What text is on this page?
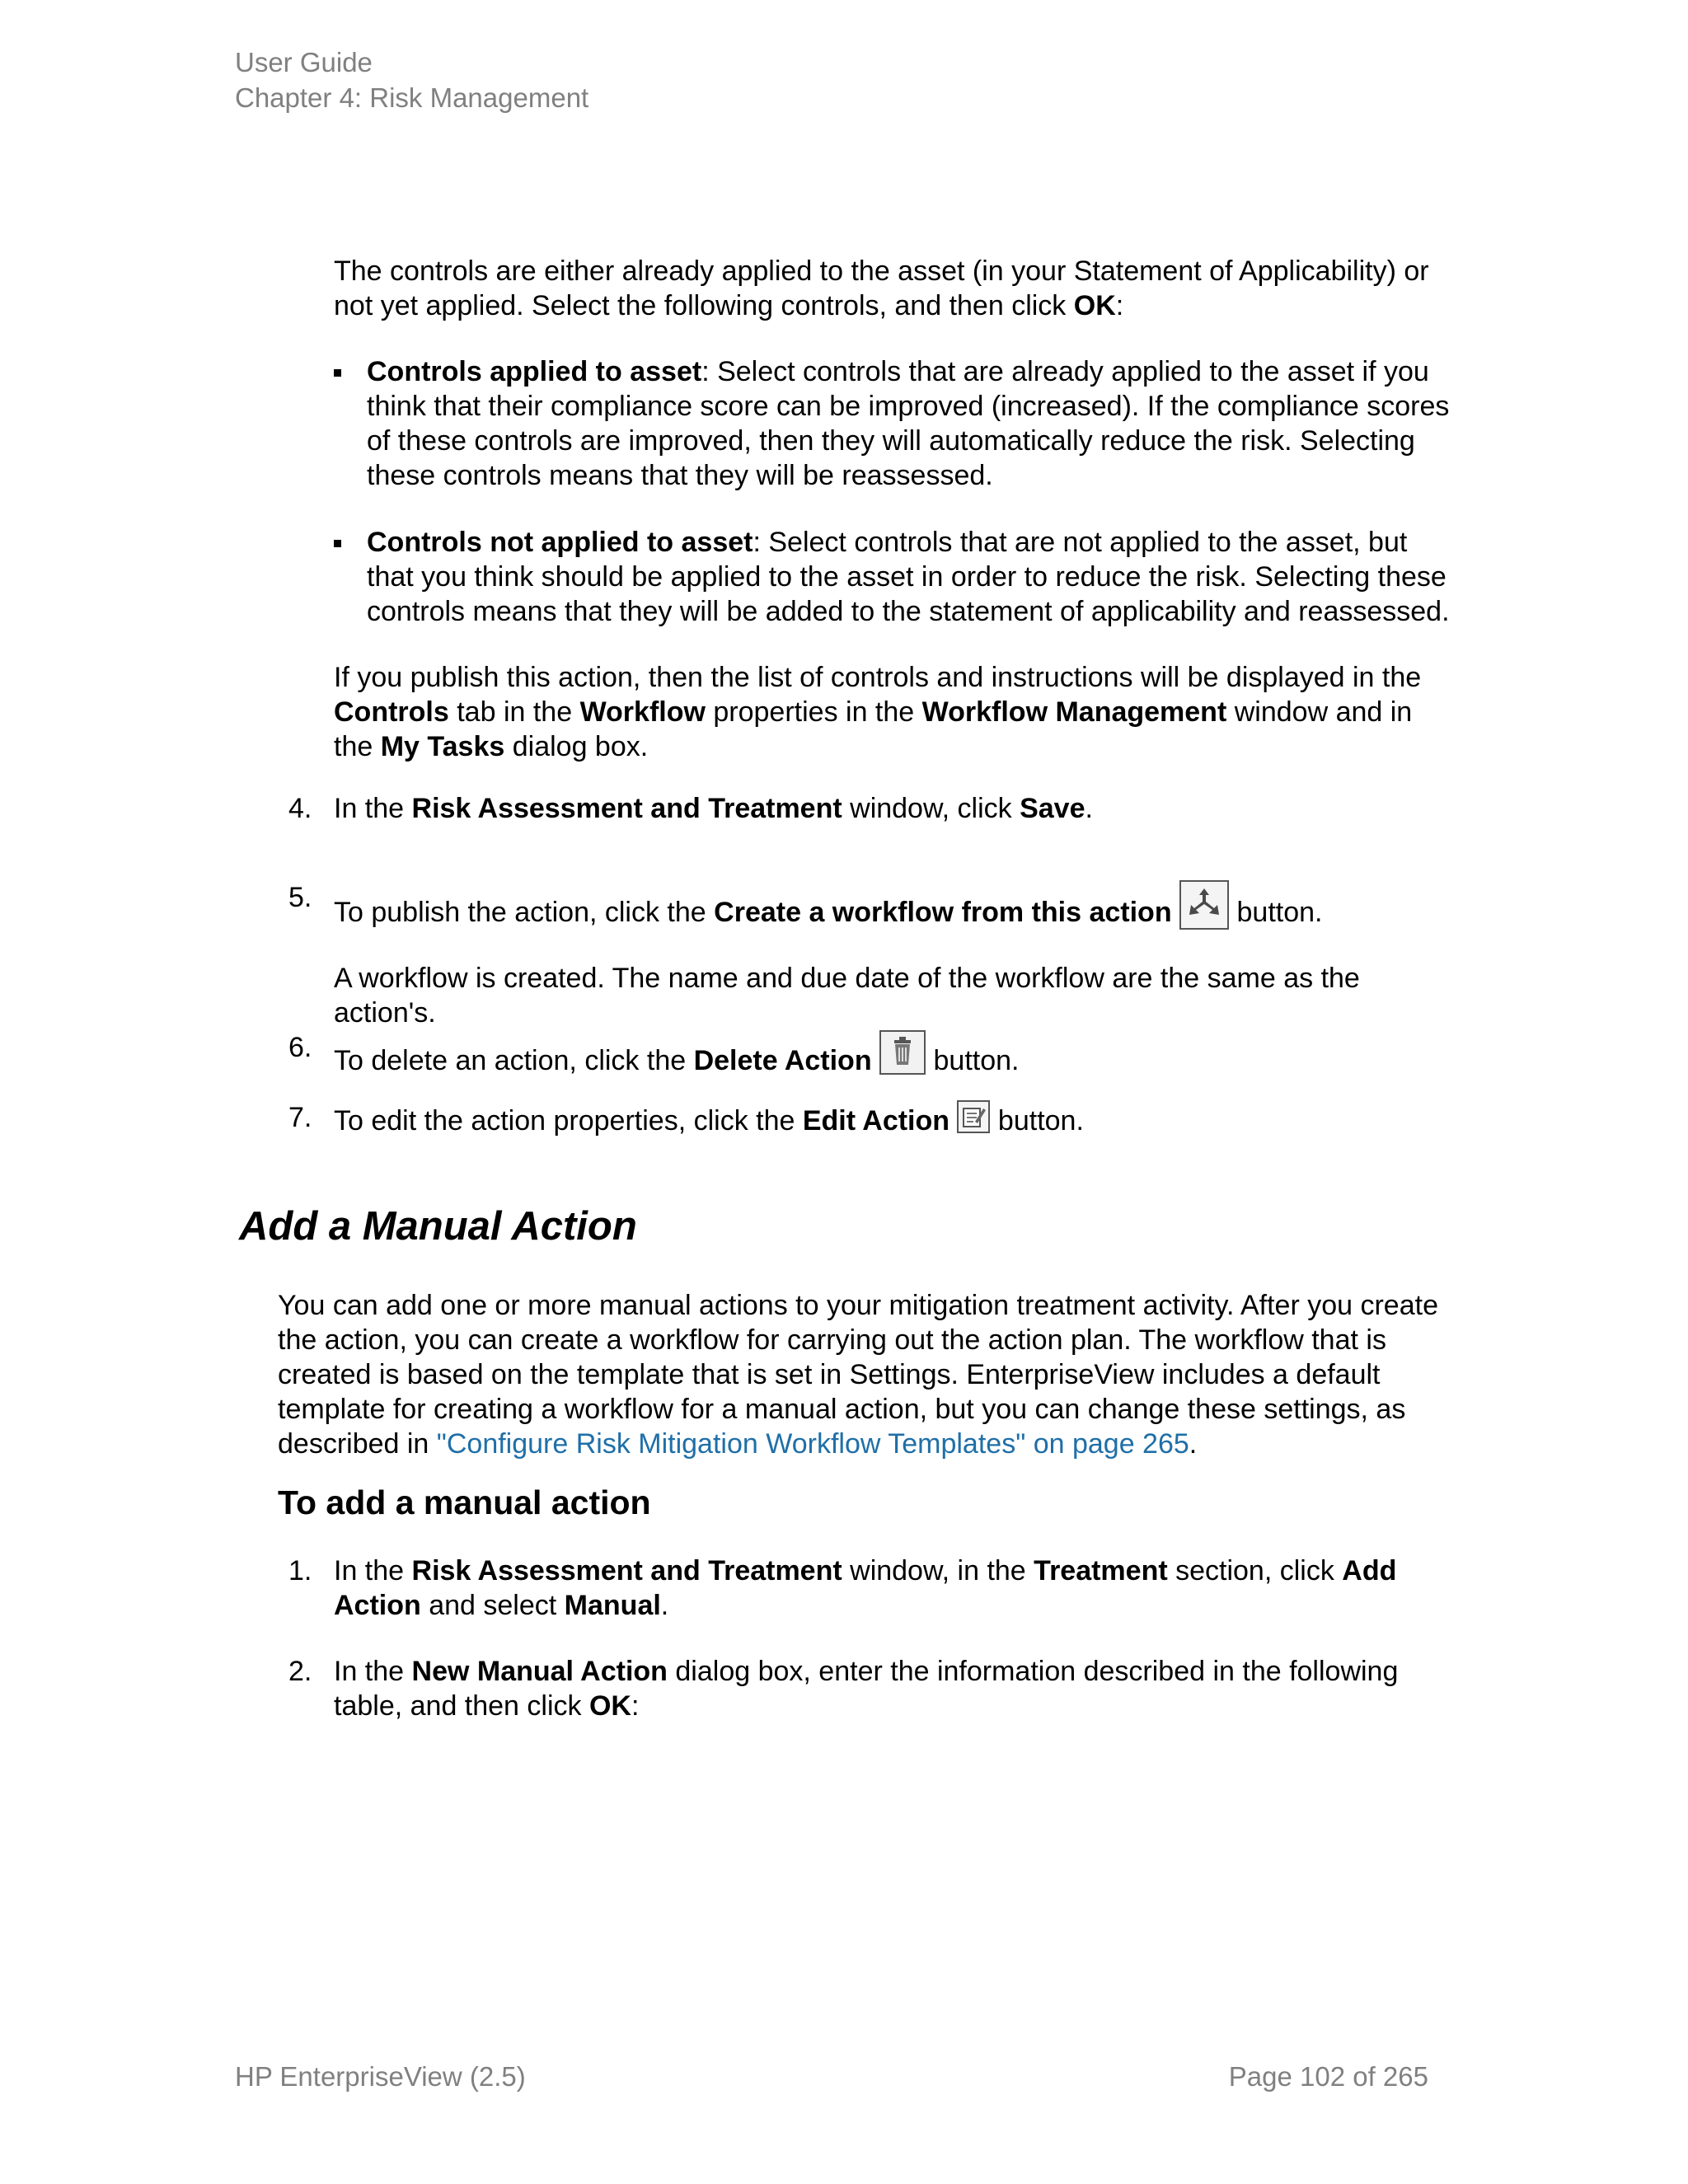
User Guide
Chapter 4: Risk Management

The controls are either already applied to the asset (in your Statement of Applicability) or not yet applied. Select the following controls, and then click OK:

Controls applied to asset: Select controls that are already applied to the asset if you think that their compliance score can be improved (increased). If the compliance scores of these controls are improved, then they will automatically reduce the risk. Selecting these controls means that they will be reassessed.
Controls not applied to asset: Select controls that are not applied to the asset, but that you think should be applied to the asset in order to reduce the risk. Selecting these controls means that they will be added to the statement of applicability and reassessed.

If you publish this action, then the list of controls and instructions will be displayed in the Controls tab in the Workflow properties in the Workflow Management window and in the My Tasks dialog box.

4. In the Risk Assessment and Treatment window, click Save.
5. To publish the action, click the Create a workflow from this action
button.
A workflow is created. The name and due date of the workflow are the same as the action's.
6. To delete an action, click the Delete Action
button.
7. To edit the action properties, click the Edit Action
button.
Add a Manual Action

You can add one or more manual actions to your mitigation treatment activity. After you create the action, you can create a workflow for carrying out the action plan. The workflow that is created is based on the template that is set in Settings. EnterpriseView includes a default template for creating a workflow for a manual action, but you can change these settings, as described in "Configure Risk Mitigation Workflow Templates" on page 265.

To add a manual action
1. In the Risk Assessment and Treatment window, in the Treatment section, click Add Action and select Manual.
2. In the New Manual Action dialog box, enter the information described in the following table, and then click OK:
HP EnterpriseView (2.5)	Page 102 of 265
